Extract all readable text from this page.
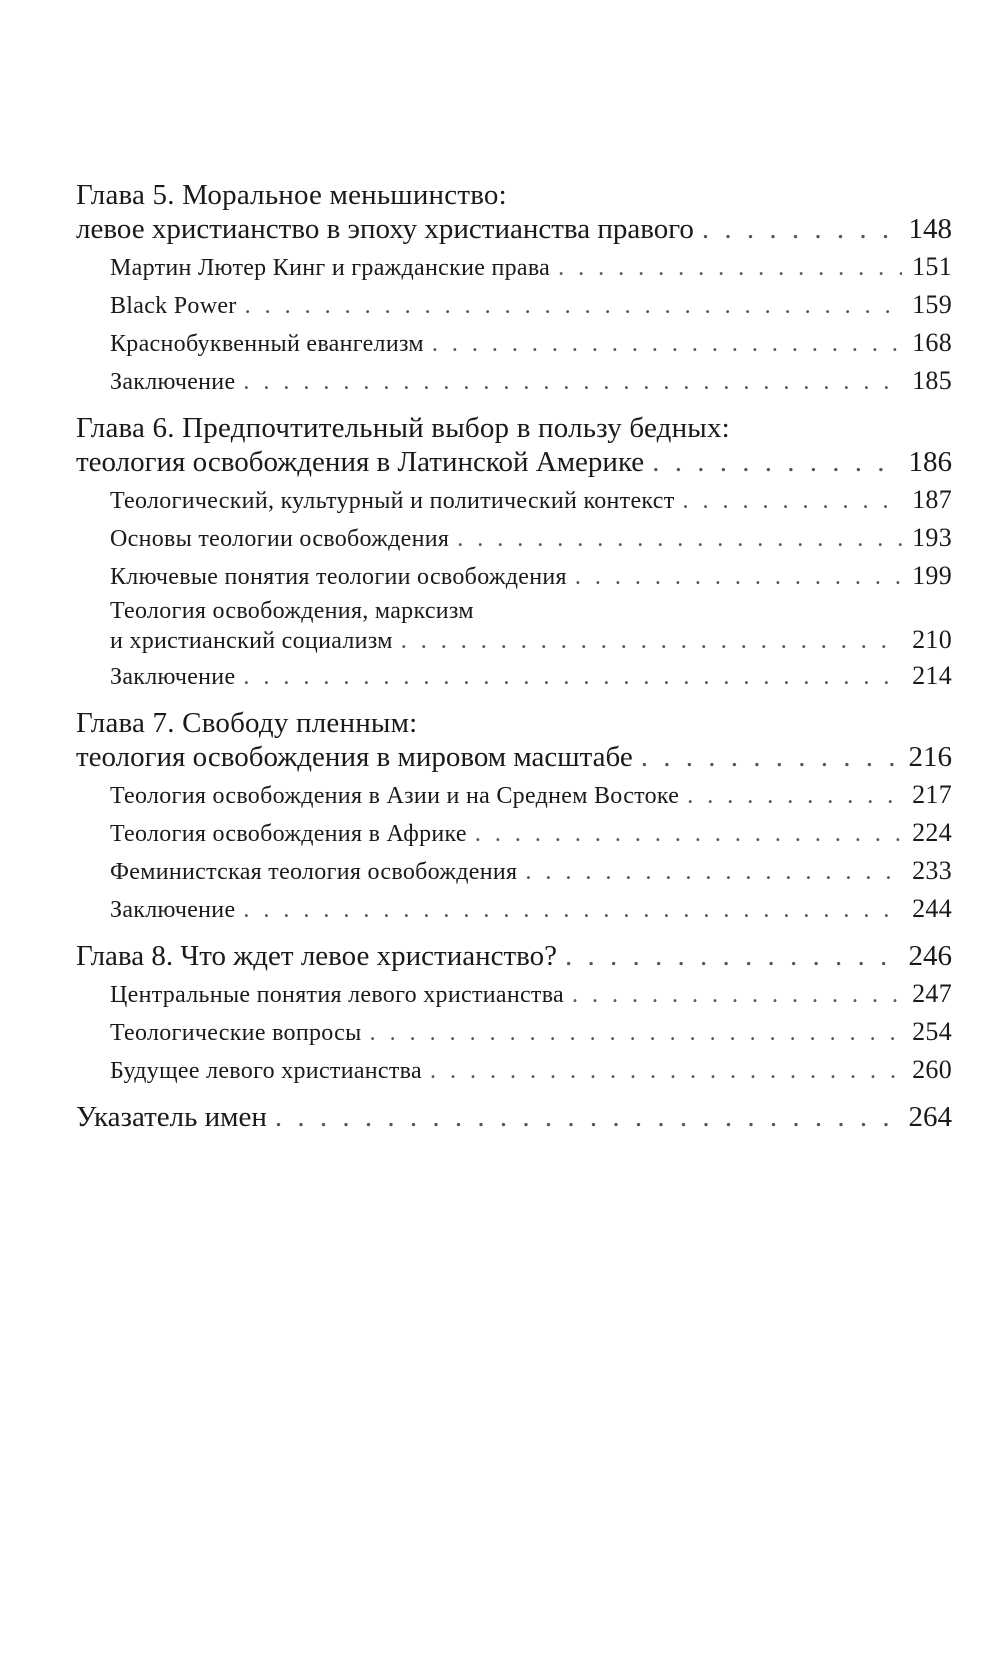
Глава 5. Моральное меньшинство:
левое христианство в эпоху христианства правого . . .	148
Мартин Лютер Кинг и гражданские права . . .	151
Black Power . . .	159
Краснобуквенный евангелизм . . .	168
Заключение . . .	185
Глава 6. Предпочтительный выбор в пользу бедных:
теология освобождения в Латинской Америке . . .	186
Теологический, культурный и политический контекст . . .	187
Основы теологии освобождения . . .	193
Ключевые понятия теологии освобождения . . .	199
Теология освобождения, марксизм
и христианский социализм . . .	210
Заключение . . .	214
Глава 7. Свободу пленным:
теология освобождения в мировом масштабе . . .	216
Теология освобождения в Азии и на Среднем Востоке . . .	217
Теология освобождения в Африке . . .	224
Феминистская теология освобождения . . .	233
Заключение . . .	244
Глава 8. Что ждет левое христианство? . . .	246
Центральные понятия левого христианства . . .	247
Теологические вопросы . . .	254
Будущее левого христианства . . .	260
Указатель имен . . .	264
